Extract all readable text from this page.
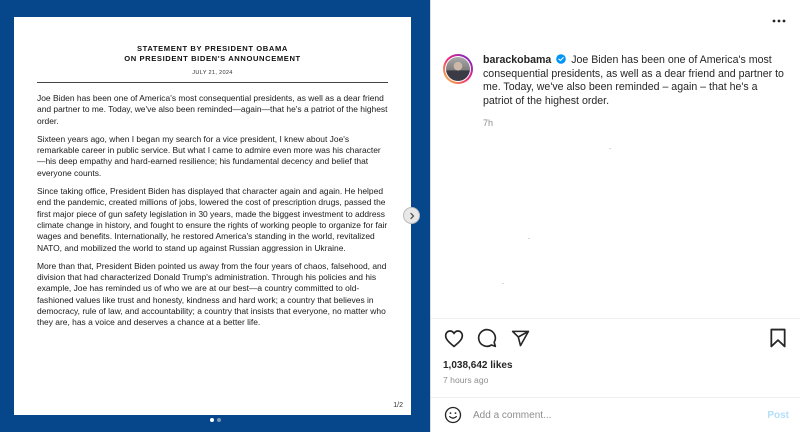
STATEMENT BY PRESIDENT OBAMA
ON PRESIDENT BIDEN'S ANNOUNCEMENT
JULY 21, 2024

Joe Biden has been one of America's most consequential presidents, as well as a dear friend and partner to me. Today, we've also been reminded—again—that he's a patriot of the highest order.

Sixteen years ago, when I began my search for a vice president, I knew about Joe's remarkable career in public service. But what I came to admire even more was his character—his deep empathy and hard-earned resilience; his fundamental decency and belief that everyone counts.

Since taking office, President Biden has displayed that character again and again. He helped end the pandemic, created millions of jobs, lowered the cost of prescription drugs, passed the first major piece of gun safety legislation in 30 years, made the biggest investment to address climate change in history, and fought to ensure the rights of working people to organize for fair wages and benefits. Internationally, he restored America's standing in the world, revitalized NATO, and mobilized the world to stand up against Russian aggression in Ukraine.

More than that, President Biden pointed us away from the four years of chaos, falsehood, and division that had characterized Donald Trump's administration. Through his policies and his example, Joe has reminded us of who we are at our best—a country committed to old-fashioned values like trust and honesty, kindness and hard work; a country that believes in democracy, rule of law, and accountability; a country that insists that everyone, no matter who they are, has a voice and deserves a chance at a better life.

1/2
barackobama Joe Biden has been one of America's most consequential presidents, as well as a dear friend and partner to me. Today, we've also been reminded – again – that he's a patriot of the highest order.
7h
1,038,642 likes
7 hours ago
Add a comment...
Post
